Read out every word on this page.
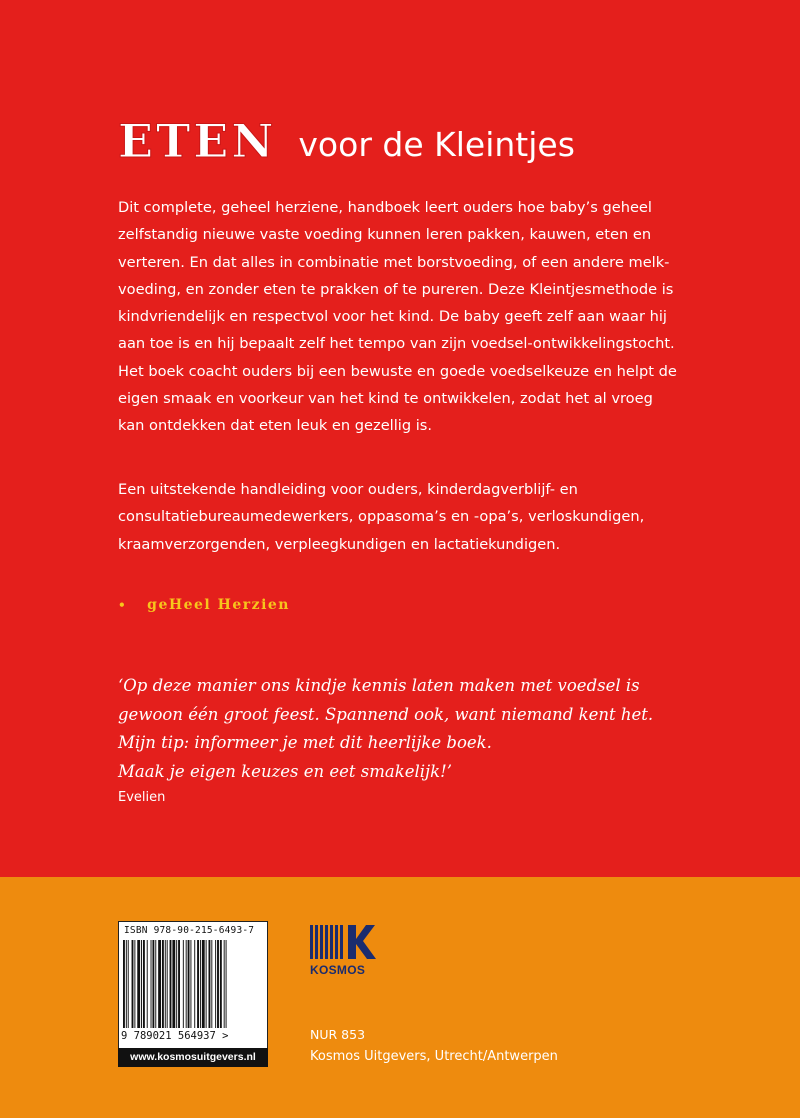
ETEN voor de Kleintjes
Dit complete, geheel herziene, handboek leert ouders hoe baby’s geheel
zelfstandig nieuwe vaste voeding kunnen leren pakken, kauwen, eten en
verteren. En dat alles in combinatie met borstvoeding, of een andere melk-
voeding, en zonder eten te prakken of te pureren. Deze Kleintjesmethode is
kindvriendelijk en respectvol voor het kind. De baby geeft zelf aan waar hij
aan toe is en hij bepaalt zelf het tempo van zijn voedsel-ontwikkelingstocht.
Het boek coacht ouders bij een bewuste en goede voedselkeuze en helpt de
eigen smaak en voorkeur van het kind te ontwikkelen, zodat het al vroeg
kan ontdekken dat eten leuk en gezellig is.
Een uitstekende handleiding voor ouders, kinderdagverblijf- en
consultatiebureaumedewerkers, oppasoma’s en -opa’s, verloskundigen,
kraamverzorgenden, verpleegkundigen en lactatiekundigen.
• geHeel Herzien
‘Op deze manier ons kindje kennis laten maken met voedsel is
gewoon één groot feest. Spannend ook, want niemand kent het.
Mijn tip: informeer je met dit heerlijke boek.
Maak je eigen keuzes en eet smakelijk!’
Evelien
ISBN 978-90-215-6493-7
9 789021 564937 >
www.kosmosuitgevers.nl
KOSMOS
NUR 853
Kosmos Uitgevers, Utrecht/Antwerpen
